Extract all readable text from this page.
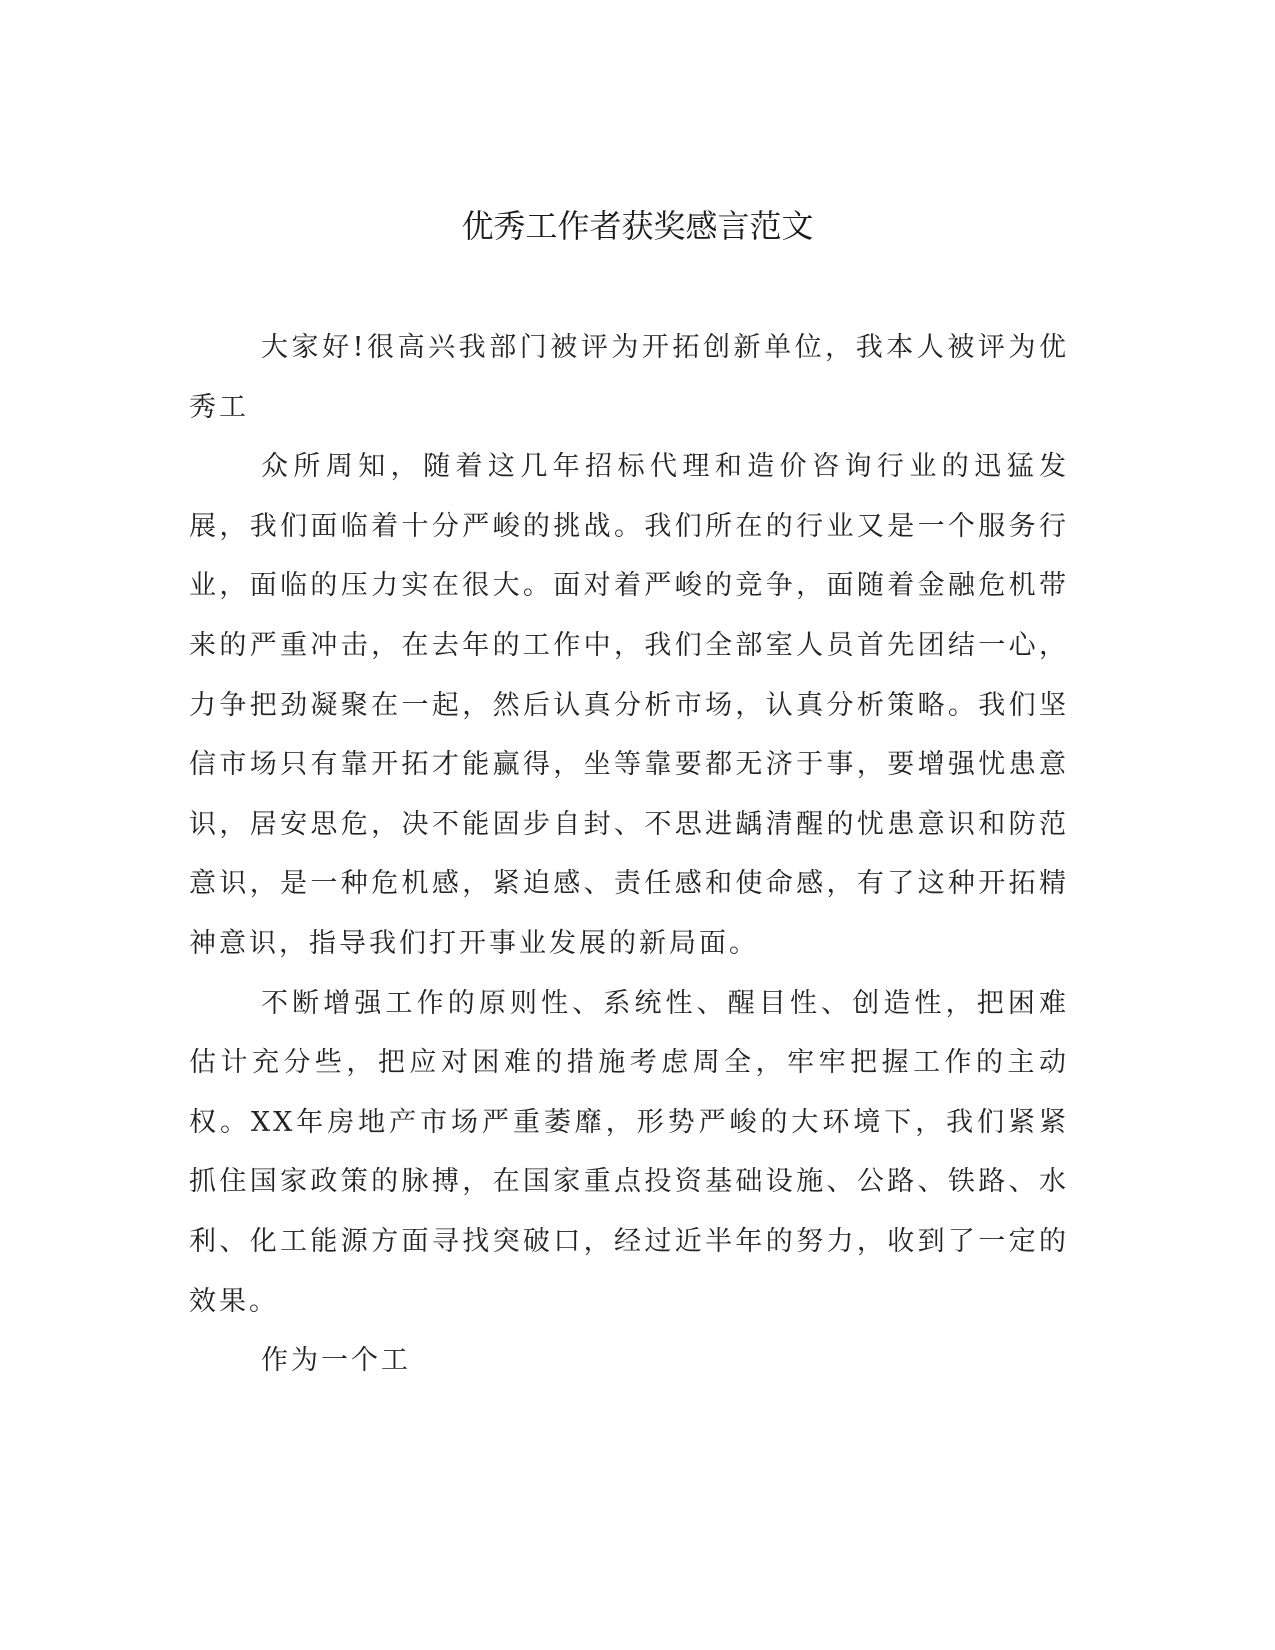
优秀工作者获奖感言范文

大家好!很高兴我部门被评为开拓创新单位，我本人被评为优秀工

众所周知，随着这几年招标代理和造价咨询行业的迅猛发展，我们面临着十分严峻的挑战。我们所在的行业又是一个服务行业，面临的压力实在很大。面对着严峻的竞争，面随着金融危机带来的严重冲击，在去年的工作中，我们全部室人员首先团结一心，力争把劲凝聚在一起，然后认真分析市场，认真分析策略。我们坚信市场只有靠开拓才能赢得，坐等靠要都无济于事，要增强忧患意识，居安思危，决不能固步自封、不思进龋清醒的忧患意识和防范意识，是一种危机感，紧迫感、责任感和使命感，有了这种开拓精神意识，指导我们打开事业发展的新局面。

不断增强工作的原则性、系统性、醒目性、创造性，把困难估计充分些，把应对困难的措施考虑周全，牢牢把握工作的主动权。XX年房地产市场严重萎靡，形势严峻的大环境下，我们紧紧抓住国家政策的脉搏，在国家重点投资基础设施、公路、铁路、水利、化工能源方面寻找突破口，经过近半年的努力，收到了一定的效果。

作为一个工
